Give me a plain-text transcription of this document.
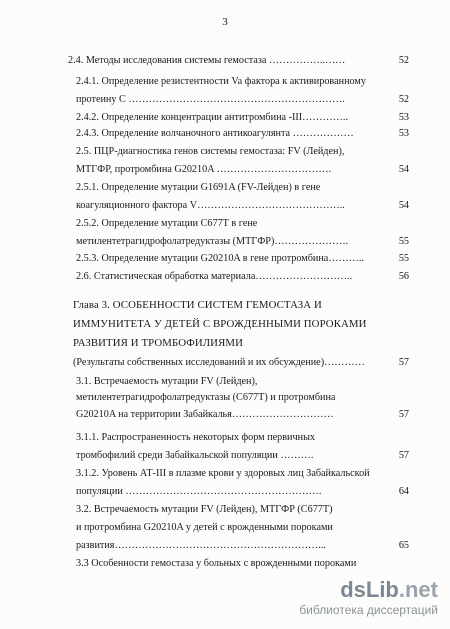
3
2.4. Методы исследования системы гемостаза ……………..……	52
2.4.1. Определение резистентности Va фактора к активированному
протеину С ……………………………………………………….	52
2.4.2. Определение концентрации антитромбина -III…………..	53
2.4.3. Определение волчаночного антикоагулянта ………………	53
2.5. ПЦР-диагностика генов системы гемостаза: FV (Лейден),
МТГФР, протромбина G20210A …………………………….	54
2.5.1. Определение мутации G1691A (FV-Лейден) в гене
коагуляционного фактора V……………………………………..	54
2.5.2. Определение мутации С677Т в гене
метилентетрагидрофолатредуктазы (МТГФР)………………….	55
2.5.3. Определение мутации G20210A в гене протромбина………..	55
2.6. Статистическая обработка материала………………………..	56
Глава 3. ОСОБЕННОСТИ СИСТЕМ ГЕМОСТАЗА И
ИММУНИТЕТА У ДЕТЕЙ С ВРОЖДЕННЫМИ ПОРОКАМИ
РАЗВИТИЯ И ТРОМБОФИЛИЯМИ
(Результаты собственных исследований и их обсуждение)…………	57
3.1. Встречаемость мутации FV (Лейден),
метилентетрагидрофолатредуктазы (С677Т) и протромбина
G20210A на территории Забайкалья…………………………	57
3.1.1. Распространенность некоторых форм первичных
тромбофилий среди Забайкальской популяции ……….	57
3.1.2. Уровень АТ-III в плазме крови у здоровых лиц Забайкальской
популяции ………………………………………………….	64
3.2. Встречаемость мутации FV (Лейден), МТГФР (С677Т)
и протромбина G20210A у детей с врожденными пороками
развития……………………………………………………...	65
3.3 Особенности гемостаза у больных с врожденными пороками
dsLib.net
библиотека диссертаций
